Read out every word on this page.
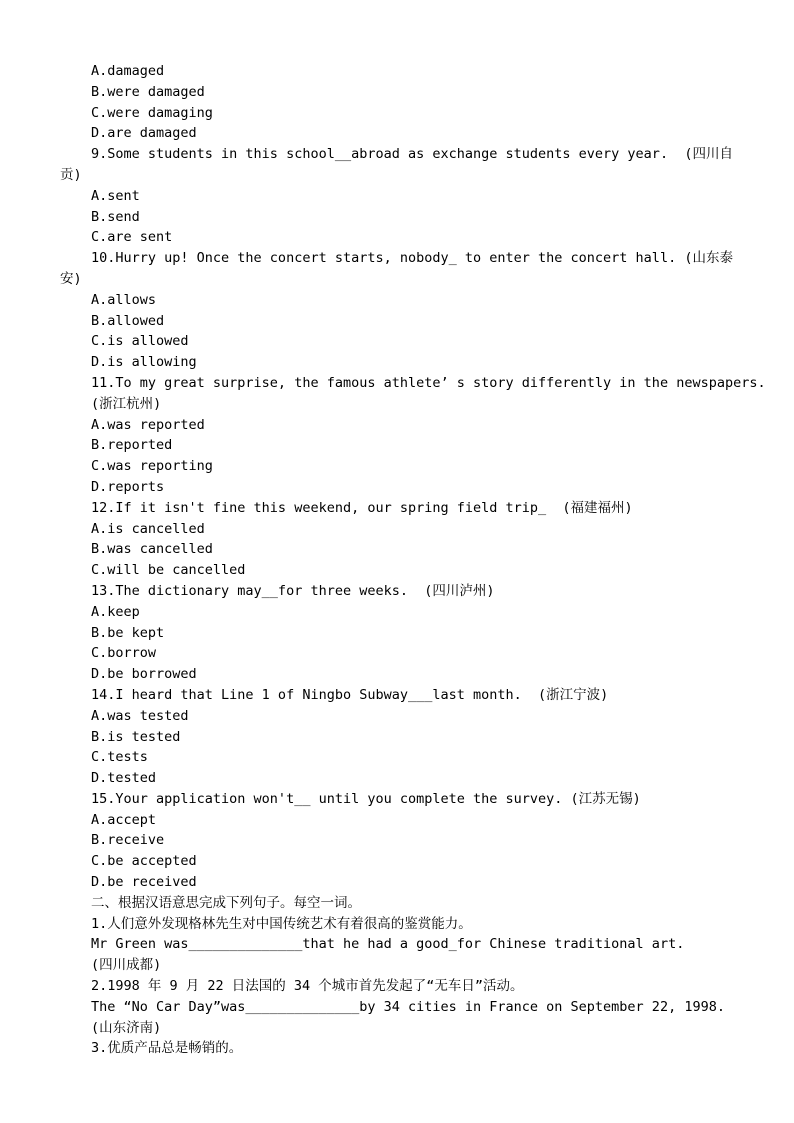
A.damaged
B.were damaged
C.were damaging
D.are damaged
9.Some students in this school__abroad as exchange students every year.  (四川自
贡)
A.sent
B.send
C.are sent
10.Hurry up! Once the concert starts, nobody_ to enter the concert hall. (山东泰
安)
A.allows
B.allowed
C.is allowed
D.is allowing
11.To my great surprise, the famous athlete’ s story differently in the newspapers.
(浙江杭州)
A.was reported
B.reported
C.was reporting
D.reports
12.If it isn't fine this weekend, our spring field trip_  (福建福州)
A.is cancelled
B.was cancelled
C.will be cancelled
13.The dictionary may__for three weeks.  (四川泸州)
A.keep
B.be kept
C.borrow
D.be borrowed
14.I heard that Line 1 of Ningbo Subway___last month.  (浙江宁波)
A.was tested
B.is tested
C.tests
D.tested
15.Your application won't__ until you complete the survey. (江苏无锡)
A.accept
B.receive
C.be accepted
D.be received
二、根据汉语意思完成下列句子。每空一词。
1.人们意外发现格林先生对中国传统艺术有着很高的鉴赏能力。
Mr Green was______________that he had a good_for Chinese traditional art.
(四川成都)
2.1998 年 9 月 22 日法国的 34 个城市首先发起了“无车日”活动。
The “No Car Day”was______________by 34 cities in France on September 22, 1998.
(山东济南)
3.优质产品总是畅销的。
